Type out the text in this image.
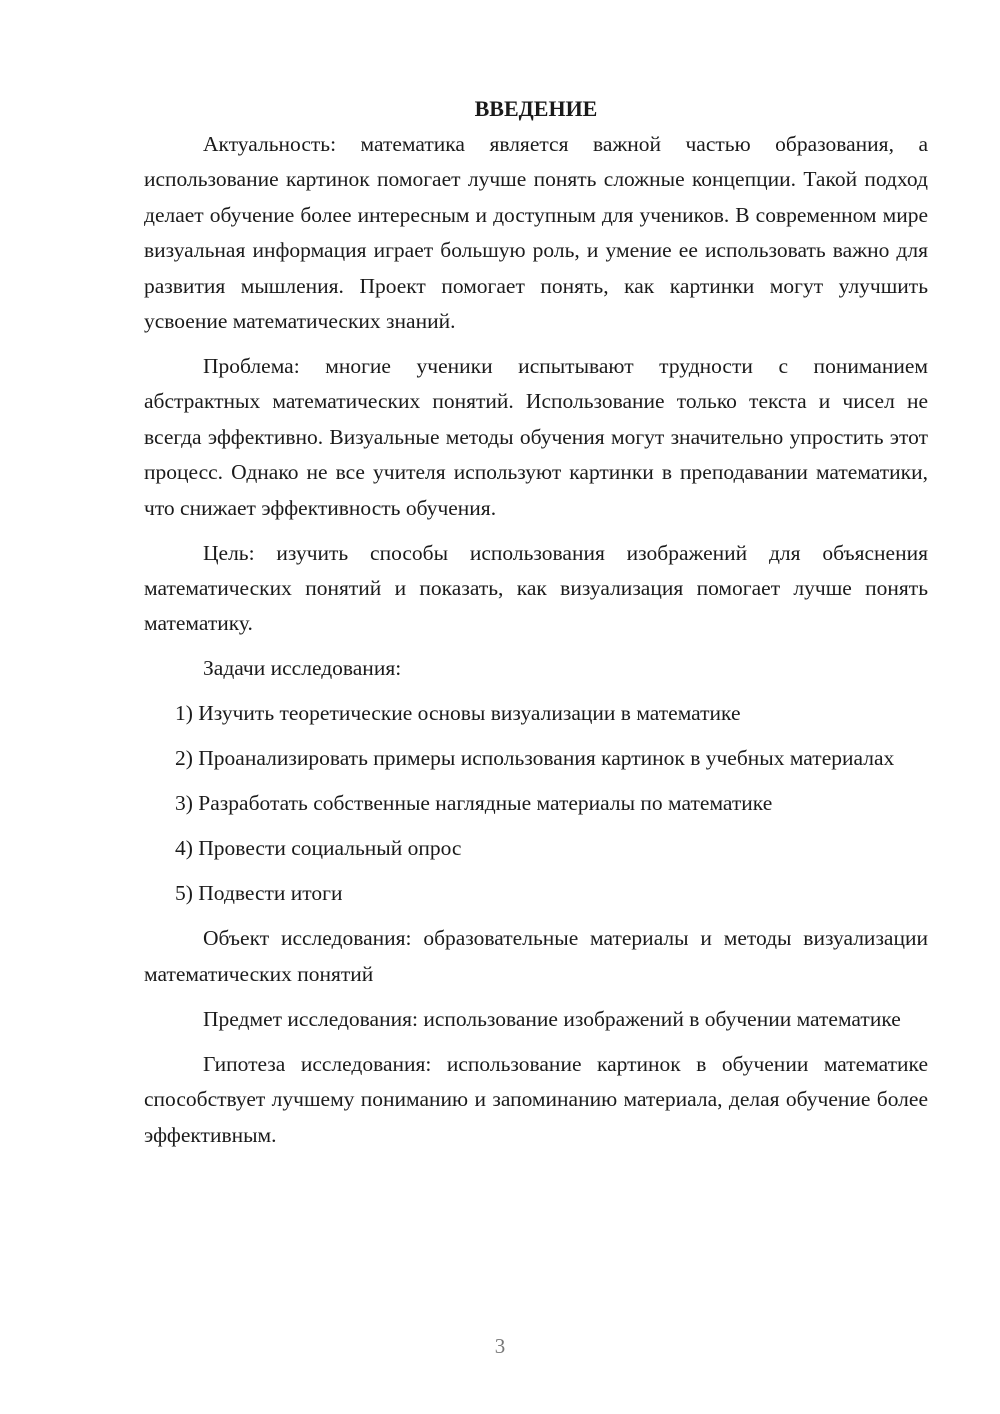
ВВЕДЕНИЕ

Актуальность: математика является важной частью образования, а использование картинок помогает лучше понять сложные концепции. Такой подход делает обучение более интересным и доступным для учеников. В современном мире визуальная информация играет большую роль, и умение ее использовать важно для развития мышления. Проект помогает понять, как картинки могут улучшить усвоение математических знаний.

Проблема: многие ученики испытывают трудности с пониманием абстрактных математических понятий. Использование только текста и чисел не всегда эффективно. Визуальные методы обучения могут значительно упростить этот процесс. Однако не все учителя используют картинки в преподавании математики, что снижает эффективность обучения.

Цель: изучить способы использования изображений для объяснения математических понятий и показать, как визуализация помогает лучше понять математику.

Задачи исследования:

1) Изучить теоретические основы визуализации в математике

2) Проанализировать примеры использования картинок в учебных материалах

3) Разработать собственные наглядные материалы по математике

4) Провести социальный опрос

5) Подвести итоги

Объект исследования: образовательные материалы и методы визуализации математических понятий

Предмет исследования: использование изображений в обучении математике

Гипотеза исследования: использование картинок в обучении математике способствует лучшему пониманию и запоминанию материала, делая обучение более эффективным.

3
